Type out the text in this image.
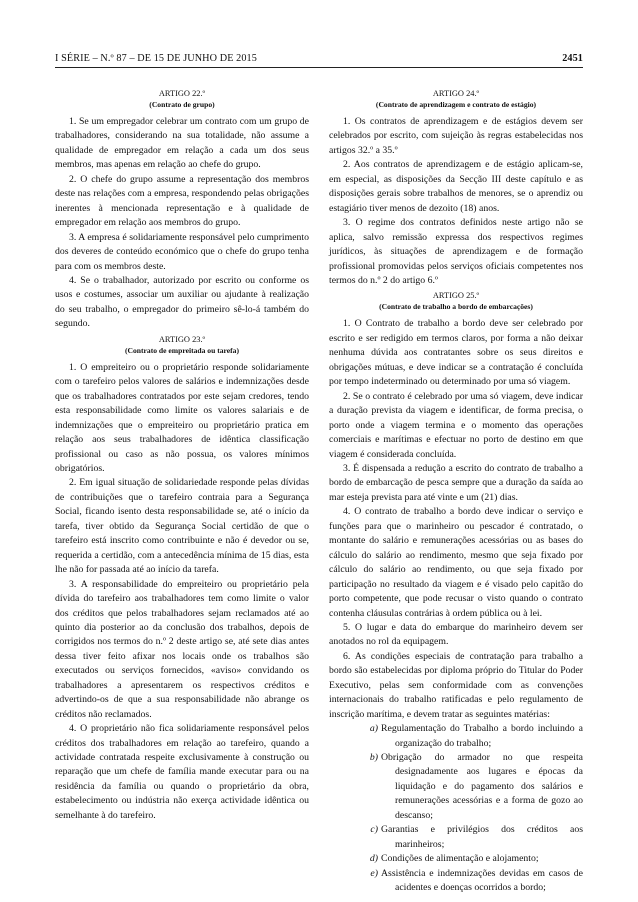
I SÉRIE – N.º 87 – DE 15 DE JUNHO DE 2015	2451
ARTIGO 22.º
(Contrato de grupo)

1. Se um empregador celebrar um contrato com um grupo de trabalhadores, considerando na sua totalidade, não assume a qualidade de empregador em relação a cada um dos seus membros, mas apenas em relação ao chefe do grupo.

2. O chefe do grupo assume a representação dos membros deste nas relações com a empresa, respondendo pelas obrigações inerentes à mencionada representação e à qualidade de empregador em relação aos membros do grupo.

3. A empresa é solidariamente responsável pelo cumprimento dos deveres de conteúdo económico que o chefe do grupo tenha para com os membros deste.

4. Se o trabalhador, autorizado por escrito ou conforme os usos e costumes, associar um auxiliar ou ajudante à realização do seu trabalho, o empregador do primeiro sê-lo-á também do segundo.

ARTIGO 23.º
(Contrato de empreitada ou tarefa)

1. O empreiteiro ou o proprietário responde solidariamente com o tarefeiro pelos valores de salários e indemnizações desde que os trabalhadores contratados por este sejam credores, tendo esta responsabilidade como limite os valores salariais e de indemnizações que o empreiteiro ou proprietário pratica em relação aos seus trabalhadores de idêntica classificação profissional ou caso as não possua, os valores mínimos obrigatórios.

2. Em igual situação de solidariedade responde pelas dívidas de contribuições que o tarefeiro contraia para a Segurança Social, ficando isento desta responsabilidade se, até o início da tarefa, tiver obtido da Segurança Social certidão de que o tarefeiro está inscrito como contribuinte e não é devedor ou se, requerida a certidão, com a antecedência mínima de 15 dias, esta lhe não for passada até ao início da tarefa.

3. A responsabilidade do empreiteiro ou proprietário pela dívida do tarefeiro aos trabalhadores tem como limite o valor dos créditos que pelos trabalhadores sejam reclamados até ao quinto dia posterior ao da conclusão dos trabalhos, depois de corrigidos nos termos do n.º 2 deste artigo se, até sete dias antes dessa tiver feito afixar nos locais onde os trabalhos são executados ou serviços fornecidos, «aviso» convidando os trabalhadores a apresentarem os respectivos créditos e advertindo-os de que a sua responsabilidade não abrange os créditos não reclamados.

4. O proprietário não fica solidariamente responsável pelos créditos dos trabalhadores em relação ao tarefeiro, quando a actividade contratada respeite exclusivamente à construção ou reparação que um chefe de família mande executar para ou na residência da família ou quando o proprietário da obra, estabelecimento ou indústria não exerça actividade idêntica ou semelhante à do tarefeiro.

ARTIGO 24.º
(Contrato de aprendizagem e contrato de estágio)

1. Os contratos de aprendizagem e de estágios devem ser celebrados por escrito, com sujeição às regras estabelecidas nos artigos 32.º a 35.º

2. Aos contratos de aprendizagem e de estágio aplicam-se, em especial, as disposições da Secção III deste capítulo e as disposições gerais sobre trabalhos de menores, se o aprendiz ou estagiário tiver menos de dezoito (18) anos.

3. O regime dos contratos definidos neste artigo não se aplica, salvo remissão expressa dos respectivos regimes jurídicos, às situações de aprendizagem e de formação profissional promovidas pelos serviços oficiais competentes nos termos do n.º 2 do artigo 6.º

ARTIGO 25.º
(Contrato de trabalho a bordo de embarcações)

1. O Contrato de trabalho a bordo deve ser celebrado por escrito e ser redigido em termos claros, por forma a não deixar nenhuma dúvida aos contratantes sobre os seus direitos e obrigações mútuas, e deve indicar se a contratação é concluída por tempo indeterminado ou determinado por uma só viagem.

2. Se o contrato é celebrado por uma só viagem, deve indicar a duração prevista da viagem e identificar, de forma precisa, o porto onde a viagem termina e o momento das operações comerciais e marítimas e efectuar no porto de destino em que viagem é considerada concluída.

3. É dispensada a redução a escrito do contrato de trabalho a bordo de embarcação de pesca sempre que a duração da saída ao mar esteja prevista para até vinte e um (21) dias.

4. O contrato de trabalho a bordo deve indicar o serviço e funções para que o marinheiro ou pescador é contratado, o montante do salário e remunerações acessórias ou as bases do cálculo do salário ao rendimento, mesmo que seja fixado por cálculo do salário ao rendimento, ou que seja fixado por participação no resultado da viagem e é visado pelo capitão do porto competente, que pode recusar o visto quando o contrato contenha cláusulas contrárias à ordem pública ou à lei.

5. O lugar e data do embarque do marinheiro devem ser anotados no rol da equipagem.

6. As condições especiais de contratação para trabalho a bordo são estabelecidas por diploma próprio do Titular do Poder Executivo, pelas sem conformidade com as convenções internacionais do trabalho ratificadas e pelo regulamento de inscrição marítima, e devem tratar as seguintes matérias:

a) Regulamentação do Trabalho a bordo incluindo a organização do trabalho;
b) Obrigação do armador no que respeita designadamente aos lugares e épocas da liquidação e do pagamento dos salários e remunerações acessórias e a forma de gozo ao descanso;
c) Garantias e privilégios dos créditos aos marinheiros;
d) Condições de alimentação e alojamento;
e) Assistência e indemnizações devidas em casos de acidentes e doenças ocorridos a bordo;
